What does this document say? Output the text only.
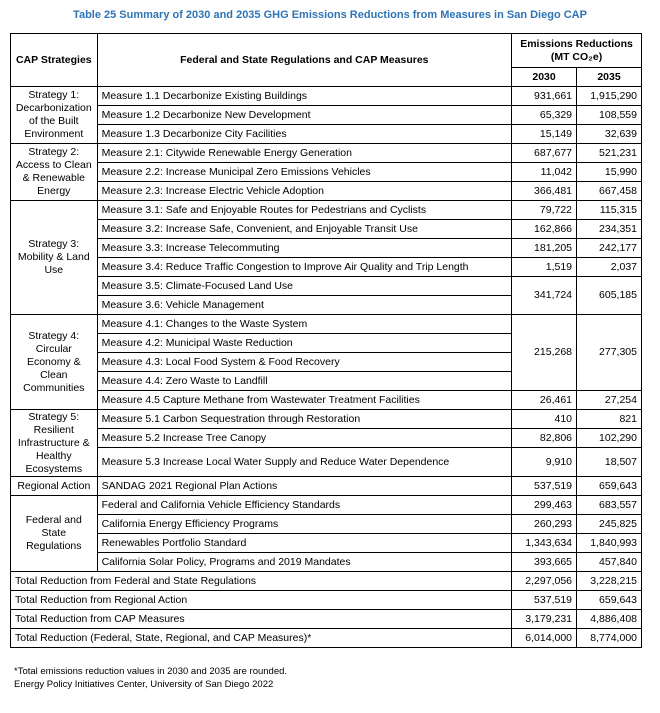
Table 25 Summary of 2030 and 2035 GHG Emissions Reductions from Measures in San Diego CAP
CAP Strategies	Federal and State Regulations and CAP Measures	Emissions Reductions
(MT CO₂e)	

		2030	2035
Strategy 1: Decarbonization of the Built Environment	Measure 1.1 Decarbonize Existing Buildings	931,661	1,915,290
	Measure 1.2 Decarbonize New Development	65,329	108,559
	Measure 1.3 Decarbonize City Facilities	15,149	32,639
Strategy 2: Access to Clean & Renewable Energy	Measure 2.1: Citywide Renewable Energy Generation	687,677	521,231
	Measure 2.2: Increase Municipal Zero Emissions Vehicles	11,042	15,990
	Measure 2.3: Increase Electric Vehicle Adoption	366,481	667,458
Strategy 3: Mobility & Land Use	Measure 3.1: Safe and Enjoyable Routes for Pedestrians and Cyclists	79,722	115,315
	Measure 3.2: Increase Safe, Convenient, and Enjoyable Transit Use	162,866	234,351
	Measure 3.3: Increase Telecommuting	181,205	242,177
	Measure 3.4: Reduce Traffic Congestion to Improve Air Quality and Trip Length	1,519	2,037
	Measure 3.5: Climate-Focused Land Use	341,724	605,185
	Measure 3.6: Vehicle Management		
Strategy 4: Circular Economy & Clean Communities	Measure 4.1: Changes to the Waste System	215,268	277,305
	Measure 4.2: Municipal Waste Reduction		
	Measure 4.3: Local Food System & Food Recovery		
	Measure 4.4: Zero Waste to Landfill		
	Measure 4.5 Capture Methane from Wastewater Treatment Facilities	26,461	27,254
Strategy 5: Resilient Infrastructure & Healthy Ecosystems	Measure 5.1 Carbon Sequestration through Restoration	410	821
	Measure 5.2 Increase Tree Canopy	82,806	102,290
	Measure 5.3 Increase Local Water Supply and Reduce Water Dependence	9,910	18,507
Regional Action	SANDAG 2021 Regional Plan Actions	537,519	659,643
Federal and State Regulations	Federal and California Vehicle Efficiency Standards	299,463	683,557
	California Energy Efficiency Programs	260,293	245,825
	Renewables Portfolio Standard	1,343,634	1,840,993
	California Solar Policy, Programs and 2019 Mandates	393,665	457,840
Total Reduction from Federal and State Regulations		2,297,056	3,228,215
Total Reduction from Regional Action		537,519	659,643
Total Reduction from CAP Measures		3,179,231	4,886,408
Total Reduction (Federal, State, Regional, and CAP Measures)*		6,014,000	8,774,000
*Total emissions reduction values in 2030 and 2035 are rounded.
Energy Policy Initiatives Center, University of San Diego 2022
